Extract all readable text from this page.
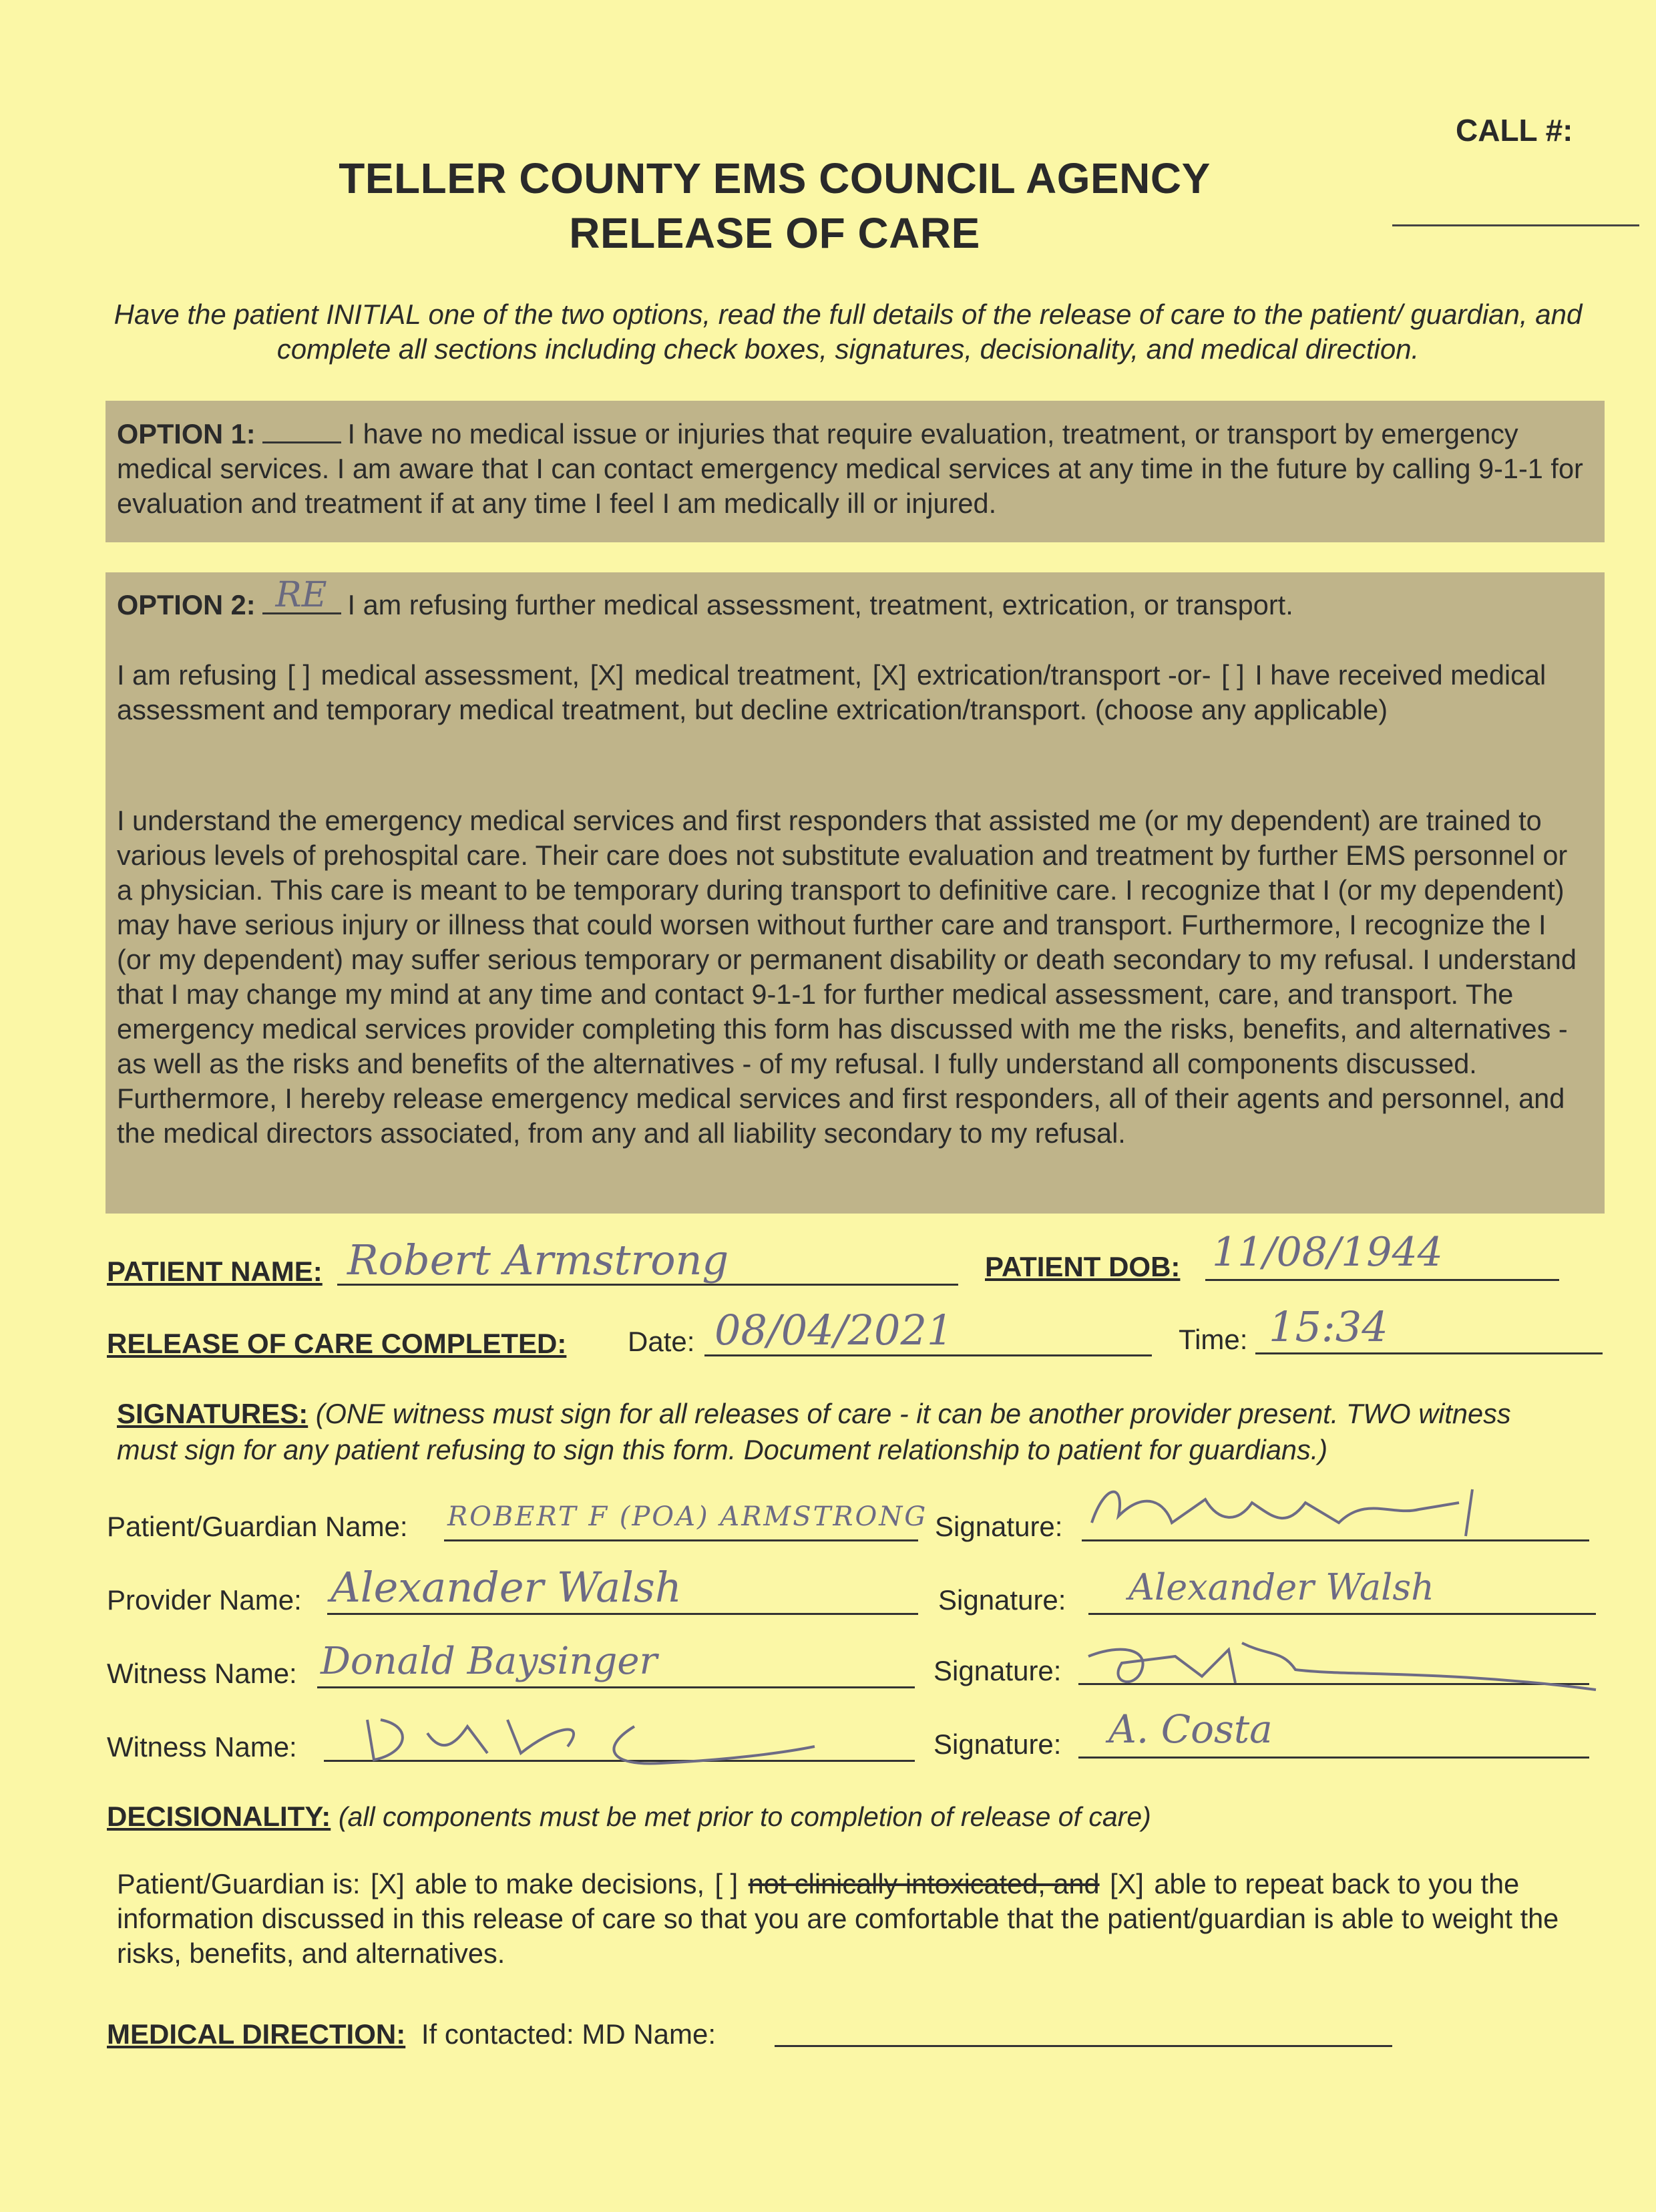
CALL #:
TELLER COUNTY EMS COUNCIL AGENCY
RELEASE OF CARE
Have the patient INITIAL one of the two options, read the full details of the release of care to the patient/ guardian, and complete all sections including check boxes, signatures, decisionality, and medical direction.
OPTION 1:	I have no medical issue or injuries that require evaluation, treatment, or transport by emergency medical services. I am aware that I can contact emergency medical services at any time in the future by calling 9-1-1 for evaluation and treatment if at any time I feel I am medically ill or injured.
OPTION 2: RE I am refusing further medical assessment, treatment, extrication, or transport.
I am refusing [ ] medical assessment, [X] medical treatment, [X] extrication/transport -or- [ ] I have received medical assessment and temporary medical treatment, but decline extrication/transport. (choose any applicable)
I understand the emergency medical services and first responders that assisted me (or my dependent) are trained to various levels of prehospital care. Their care does not substitute evaluation and treatment by further EMS personnel or a physician. This care is meant to be temporary during transport to definitive care. I recognize that I (or my dependent) may have serious injury or illness that could worsen without further care and transport. Furthermore, I recognize the I (or my dependent) may suffer serious temporary or permanent disability or death secondary to my refusal. I understand that I may change my mind at any time and contact 9-1-1 for further medical assessment, care, and transport. The emergency medical services provider completing this form has discussed with me the risks, benefits, and alternatives - as well as the risks and benefits of the alternatives - of my refusal. I fully understand all components discussed. Furthermore, I hereby release emergency medical services and first responders, all of their agents and personnel, and the medical directors associated, from any and all liability secondary to my refusal.
PATIENT NAME: Robert Armstrong	PATIENT DOB: 11/08/1944
RELEASE OF CARE COMPLETED: Date: 08/04/2021	Time: 15:34
SIGNATURES: (ONE witness must sign for all releases of care - it can be another provider present. TWO witness must sign for any patient refusing to sign this form. Document relationship to patient for guardians.)
Patient/Guardian Name: ROBERT F (POA) ARMSTRONG Signature:
Provider Name: Alexander Walsh	Signature: Alexander Walsh
Witness Name: Donald Baysinger	Signature:
Witness Name:	Signature: A. Costa
DECISIONALITY: (all components must be met prior to completion of release of care)
Patient/Guardian is: [X] able to make decisions, [ ] not clinically intoxicated, and [X] able to repeat back to you the information discussed in this release of care so that you are comfortable that the patient/guardian is able to weight the risks, benefits, and alternatives.
MEDICAL DIRECTION: If contacted: MD Name:
